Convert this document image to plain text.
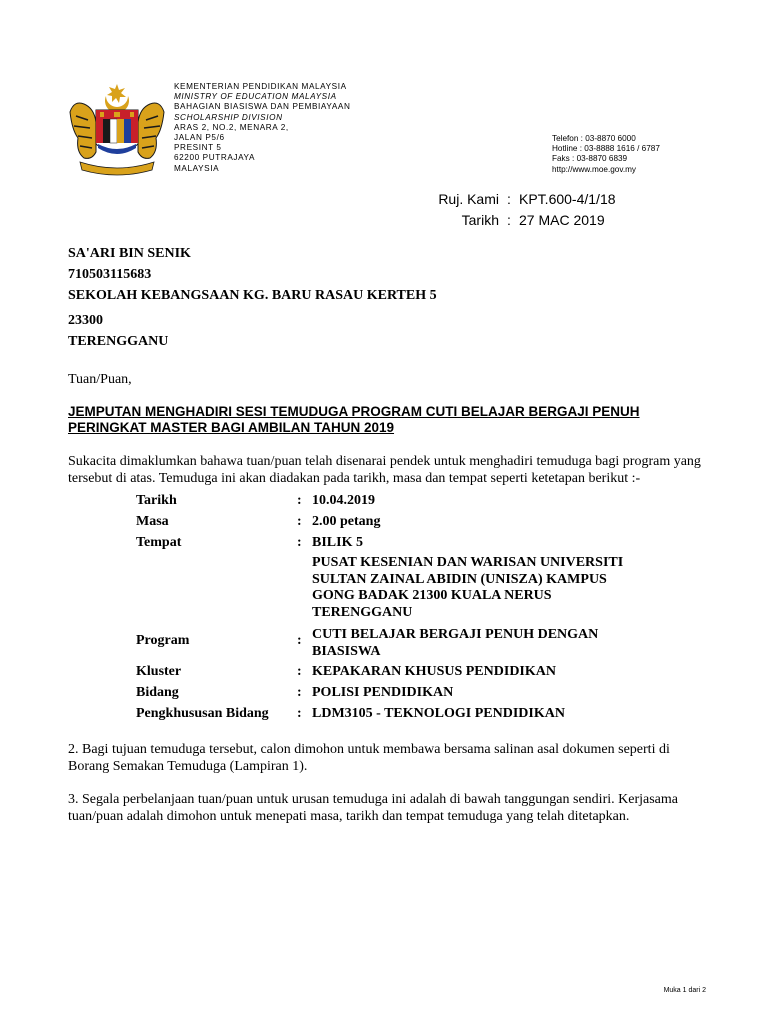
KEMENTERIAN PENDIDIKAN MALAYSIA
MINISTRY OF EDUCATION MALAYSIA
BAHAGIAN BIASISWA DAN PEMBIAYAAN
SCHOLARSHIP DIVISION
ARAS 2, NO.2, MENARA 2,
JALAN P5/6
PRESINT 5
62200 PUTRAJAYA
MALAYSIA
Telefon : 03-8870 6000
Hotline : 03-8888 1616 / 6787
Faks : 03-8870 6839
http://www.moe.gov.my
Ruj. Kami : KPT.600-4/1/18
Tarikh : 27 MAC 2019
SA'ARI BIN SENIK
710503115683
SEKOLAH KEBANGSAAN KG. BARU RASAU KERTEH 5
23300
TERENGGANU
Tuan/Puan,
JEMPUTAN MENGHADIRI SESI TEMUDUGA PROGRAM CUTI BELAJAR BERGAJI PENUH
PERINGKAT MASTER BAGI AMBILAN TAHUN 2019
Sukacita dimaklumkan bahawa tuan/puan telah disenarai pendek untuk menghadiri temuduga bagi program yang
tersebut di atas. Temuduga ini akan diadakan pada tarikh, masa dan tempat seperti ketetapan berikut :-
Tarikh	: 10.04.2019
Masa	: 2.00 petang
Tempat	: BILIK 5
PUSAT KESENIAN DAN WARISAN UNIVERSITI SULTAN ZAINAL ABIDIN (UNISZA) KAMPUS GONG BADAK 21300 KUALA NERUS TERENGGANU
Program	: CUTI BELAJAR BERGAJI PENUH DENGAN BIASISWA
Kluster	: KEPAKARAN KHUSUS PENDIDIKAN
Bidang	: POLISI PENDIDIKAN
Pengkhususan Bidang : LDM3105 - TEKNOLOGI PENDIDIKAN
2. Bagi tujuan temuduga tersebut, calon dimohon untuk membawa bersama salinan asal dokumen seperti di Borang Semakan Temuduga (Lampiran 1).
3. Segala perbelanjaan tuan/puan untuk urusan temuduga ini adalah di bawah tanggungan sendiri. Kerjasama tuan/puan adalah dimohon untuk menepati masa, tarikh dan tempat temuduga yang telah ditetapkan.
Muka 1 dari 2
